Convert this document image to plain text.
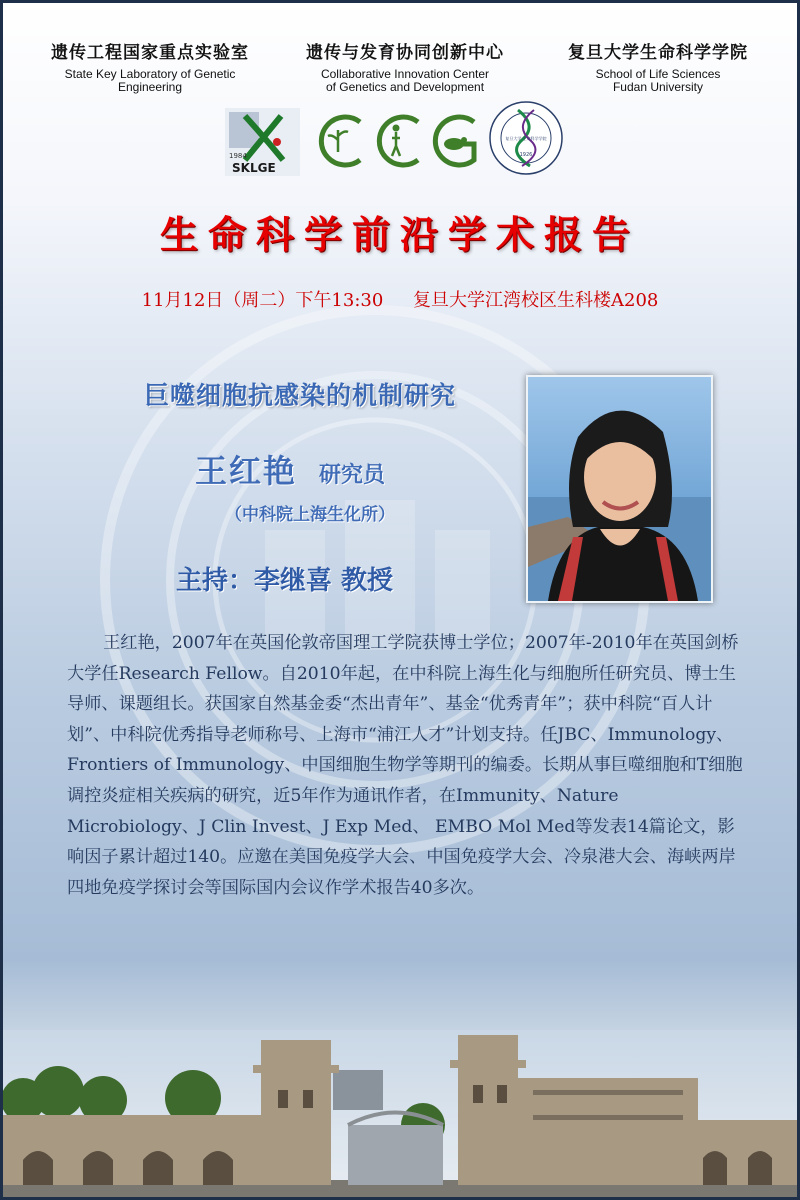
遗传工程国家重点实验室
State Key Laboratory of Genetic
Engineering
遗传与发育协同创新中心
Collaborative Innovation Center
of Genetics and Development
复旦大学生命科学学院
School of Life Sciences
Fudan University
1984
SKLGE
复旦大学 生命科学学院
1926
生命科学前沿学术报告
11月12日（周二）下午13:30 复旦大学江湾校区生科楼A208
巨噬细胞抗感染的机制研究
王红艳 研究员
（中科院上海生化所）
主持：李继喜 教授

王红艳，2007年在英国伦敦帝国理工学院获博士学位；2007年-2010年在英国剑桥大学任Research Fellow。自2010年起，在中科院上海生化与细胞所任研究员、博士生导师、课题组长。获国家自然基金委“杰出青年”、基金“优秀青年”；获中科院“百人计划”、中科院优秀指导老师称号、上海市“浦江人才”计划支持。任JBC、Immunology、Frontiers of Immunology、中国细胞生物学等期刊的编委。长期从事巨噬细胞和T细胞调控炎症相关疾病的研究，近5年作为通讯作者，在Immunity、Nature Microbiology、J Clin Invest、J Exp Med、 EMBO Mol Med等发表14篇论文，影响因子累计超过140。应邀在美国免疫学大会、中国免疫学大会、冷泉港大会、海峡两岸四地免疫学探讨会等国际国内会议作学术报告40多次。
